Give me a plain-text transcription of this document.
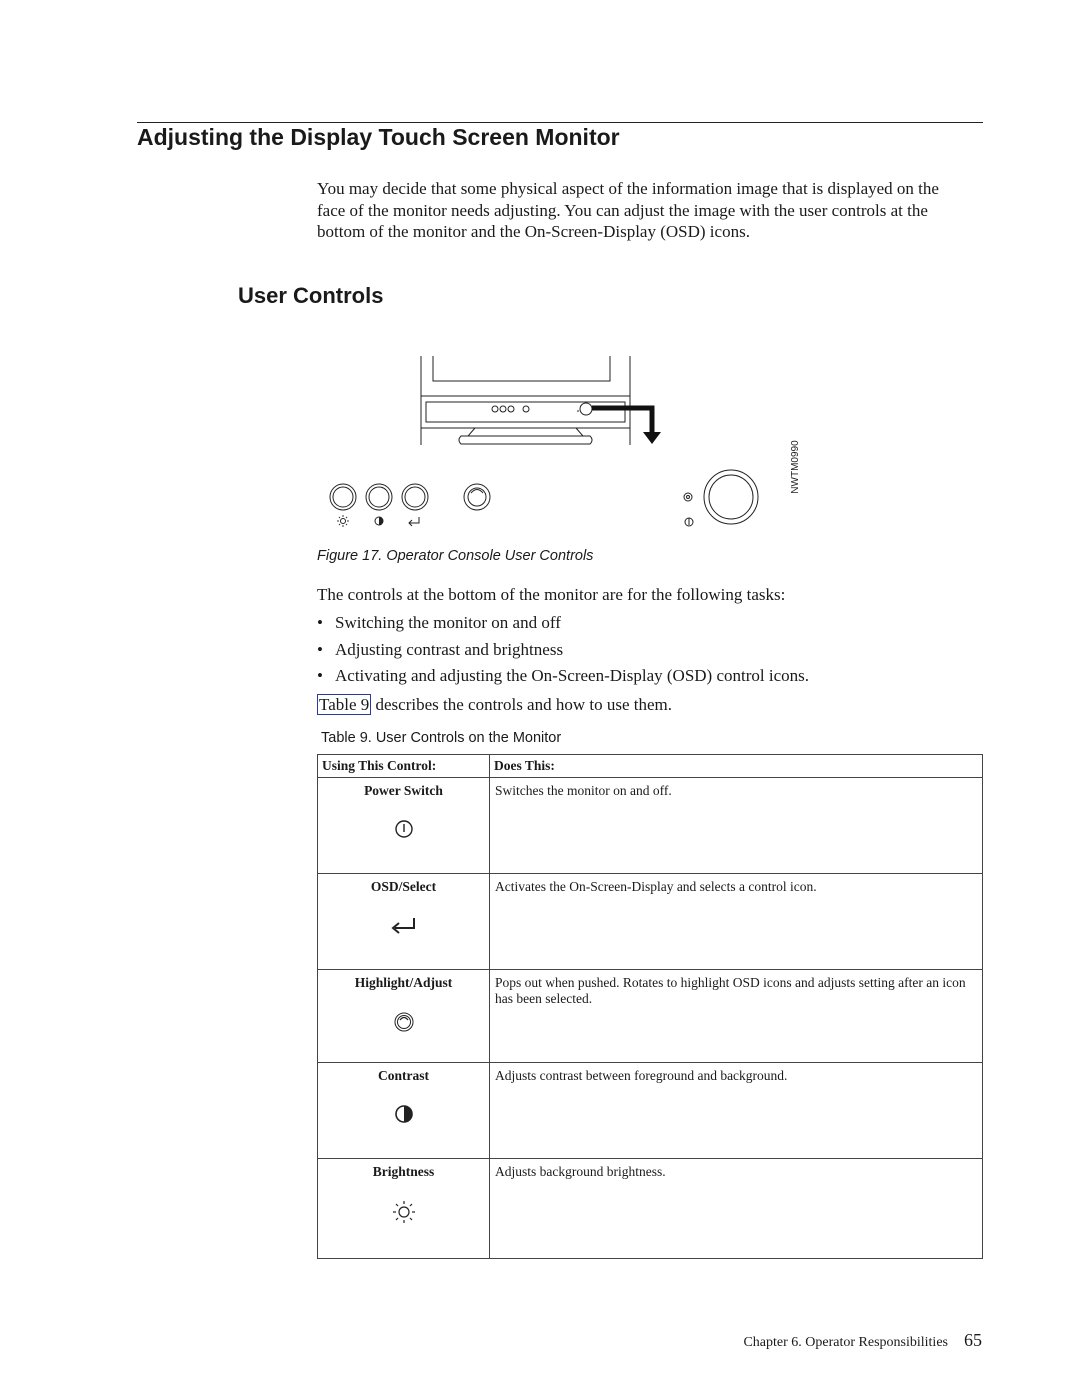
Adjusting the Display Touch Screen Monitor

You may decide that some physical aspect of the information image that is displayed on the face of the monitor needs adjusting. You can adjust the image with the user controls at the bottom of the monitor and the On-Screen-Display (OSD) icons.

User Controls
NWTM0990

Figure 17. Operator Console User Controls

The controls at the bottom of the monitor are for the following tasks:

• Switching the monitor on and off
• Adjusting contrast and brightness
• Activating and adjusting the On-Screen-Display (OSD) control icons.

Table 9 describes the controls and how to use them.

Table 9. User Controls on the Monitor

Using This Control:	Does This:
Power Switch	Switches the monitor on and off.
OSD/Select	Activates the On-Screen-Display and selects a control icon.
Highlight/Adjust	Pops out when pushed. Rotates to highlight OSD icons and adjusts setting after an icon has been selected.
Contrast	Adjusts contrast between foreground and background.
Brightness	Adjusts background brightness.
Chapter 6. Operator Responsibilities 65
